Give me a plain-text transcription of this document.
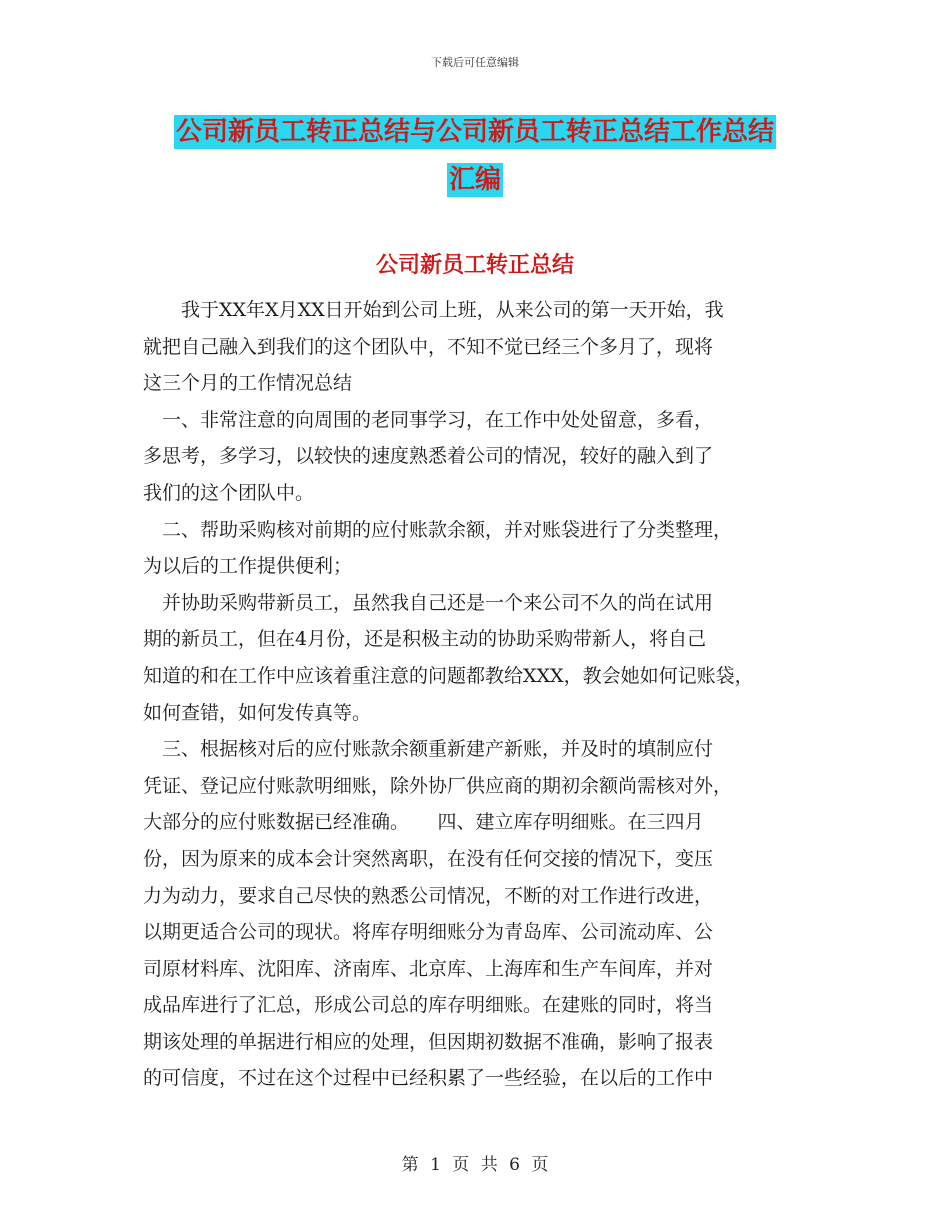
下载后可任意编辑
公司新员工转正总结与公司新员工转正总结工作总结
汇编
公司新员工转正总结
　　我于XX年X月XX日开始到公司上班，从来公司的第一天开始，我
就把自己融入到我们的这个团队中，不知不觉已经三个多月了，现将
这三个月的工作情况总结
　一、非常注意的向周围的老同事学习，在工作中处处留意，多看，
多思考，多学习，以较快的速度熟悉着公司的情况，较好的融入到了
我们的这个团队中。
　二、帮助采购核对前期的应付账款余额，并对账袋进行了分类整理，
为以后的工作提供便利；
　并协助采购带新员工，虽然我自己还是一个来公司不久的尚在试用
期的新员工，但在4月份，还是积极主动的协助采购带新人，将自己
知道的和在工作中应该着重注意的问题都教给XXX，教会她如何记账袋，
如何查错，如何发传真等。
　三、根据核对后的应付账款余额重新建产新账，并及时的填制应付
凭证、登记应付账款明细账，除外协厂供应商的期初余额尚需核对外，
大部分的应付账数据已经准确。　　四、建立库存明细账。在三四月
份，因为原来的成本会计突然离职，在没有任何交接的情况下，变压
力为动力，要求自己尽快的熟悉公司情况，不断的对工作进行改进，
以期更适合公司的现状。将库存明细账分为青岛库、公司流动库、公
司原材料库、沈阳库、济南库、北京库、上海库和生产车间库，并对
成品库进行了汇总，形成公司总的库存明细账。在建账的同时，将当
期该处理的单据进行相应的处理，但因期初数据不准确，影响了报表
的可信度，不过在这个过程中已经积累了一些经验，在以后的工作中
第 1 页 共 6 页
